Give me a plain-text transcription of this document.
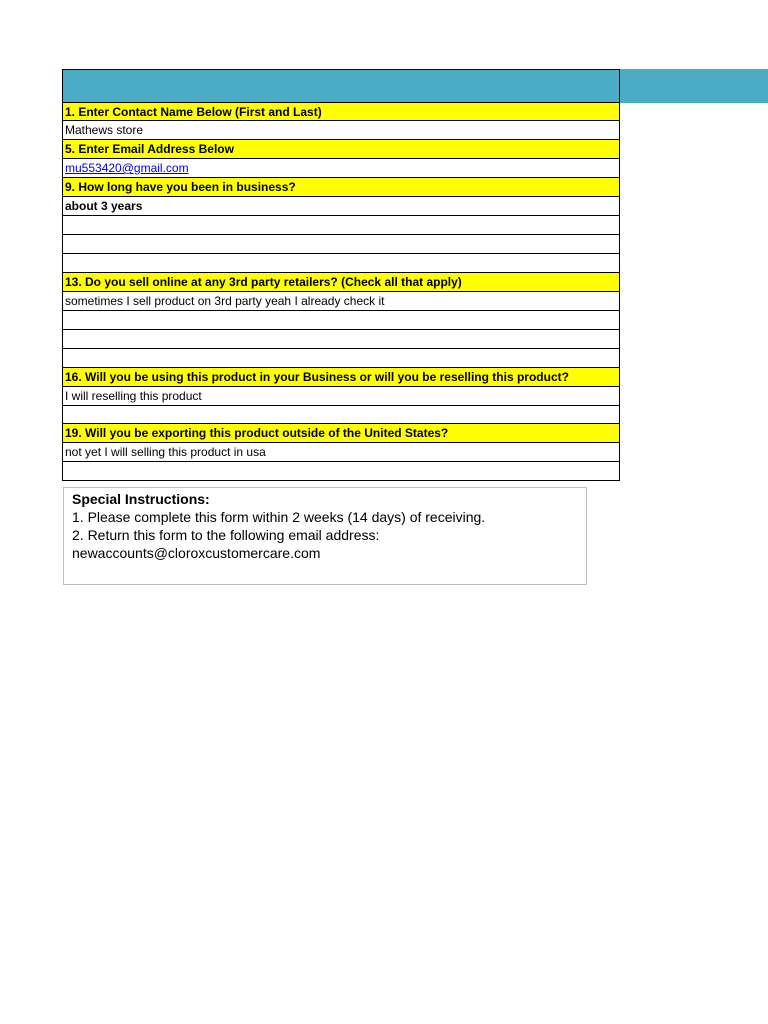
1. Enter Contact Name Below (First and Last)
Mathews store
5. Enter Email Address Below
mu553420@gmail.com
9. How long have you been in business?
about 3 years
13. Do you sell online at any 3rd party retailers? (Check all that apply)
sometimes I sell product on 3rd party yeah I already check it
16. Will you be using this product in your Business or will you be reselling this product?
I will reselling this product
19. Will you be exporting this product outside of the United States?
not yet I will selling this product in usa
Special Instructions:
1. Please complete this form within 2 weeks (14 days) of receiving.
2. Return this form to the following email address:
newaccounts@cloroxcustomercare.com
